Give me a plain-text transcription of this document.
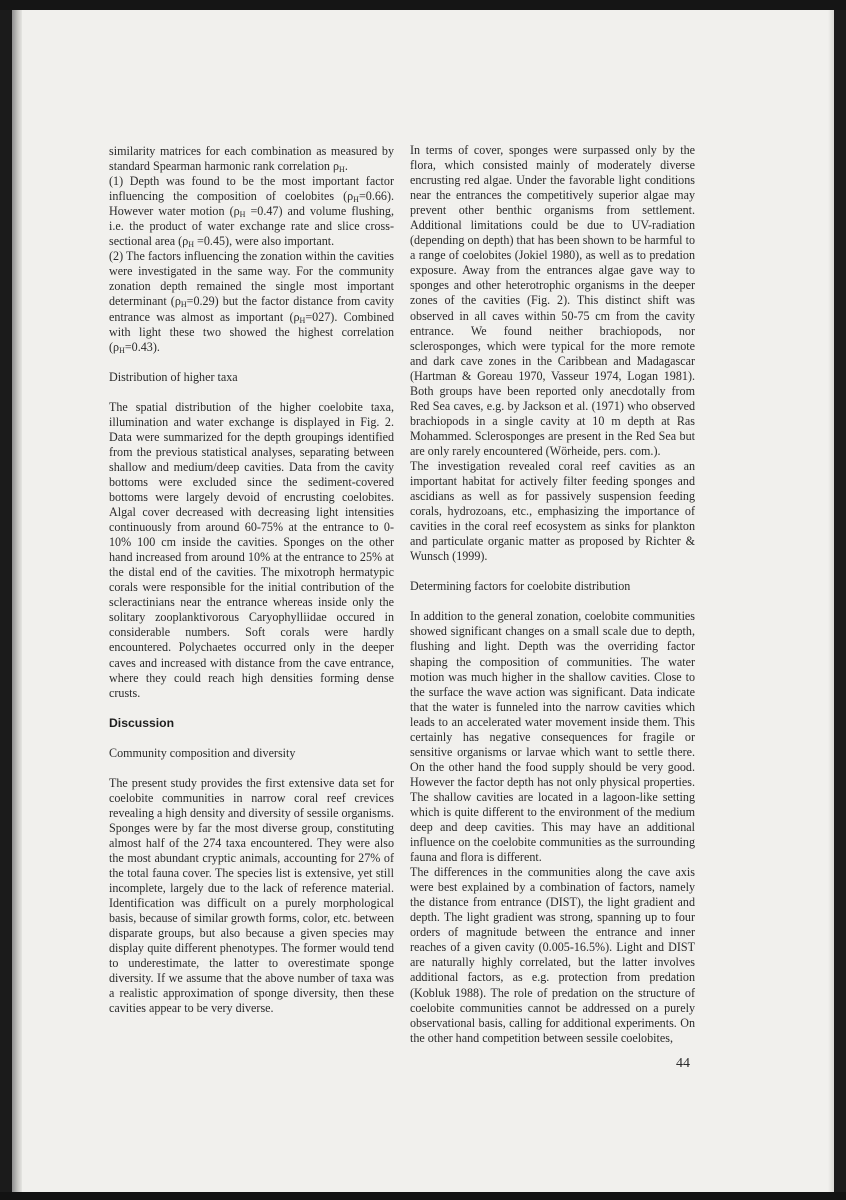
similarity matrices for each combination as measured by standard Spearman harmonic rank correlation $\rho_H$.

(1) Depth was found to be the most important factor influencing the composition of coelobites $(\rho_H=0.66)$. However water motion $(\rho_H =0.47)$ and volume flushing, i.e. the product of water exchange rate and slice cross-sectional area $(\rho_H =0.45)$, were also important.

(2) The factors influencing the zonation within the cavities were investigated in the same way. For the community zonation depth remained the single most important determinant $(\rho_H=0.29)$ but the factor distance from cavity entrance was almost as important $(\rho_H=027)$. Combined with light these two showed the highest correlation $(\rho_H=0.43)$.

Distribution of higher taxa

The spatial distribution of the higher coelobite taxa, illumination and water exchange is displayed in Fig. 2. Data were summarized for the depth groupings identified from the previous statistical analyses, separating between shallow and medium/deep cavities. Data from the cavity bottoms were excluded since the sediment-covered bottoms were largely devoid of encrusting coelobites. Algal cover decreased with decreasing light intensities continuously from around 60-75% at the entrance to 0-10% 100 cm inside the cavities. Sponges on the other hand increased from around 10% at the entrance to 25% at the distal end of the cavities. The mixotroph hermatypic corals were responsible for the initial contribution of the scleractinians near the entrance whereas inside only the solitary zooplanktivorous Caryophylliidae occured in considerable numbers. Soft corals were hardly encountered. Polychaetes occurred only in the deeper caves and increased with distance from the cave entrance, where they could reach high densities forming dense crusts.

Discussion

Community composition and diversity

The present study provides the first extensive data set for coelobite communities in narrow coral reef crevices revealing a high density and diversity of sessile organisms. Sponges were by far the most diverse group, constituting almost half of the 274 taxa encountered. They were also the most abundant cryptic animals, accounting for 27% of the total fauna cover. The species list is extensive, yet still incomplete, largely due to the lack of reference material. Identification was difficult on a purely morphological basis, because of similar growth forms, color, etc. between disparate groups, but also because a given species may display quite different phenotypes. The former would tend to underestimate, the latter to overestimate sponge diversity. If we assume that the above number of taxa was a realistic approximation of sponge diversity, then these cavities appear to be very diverse.

In terms of cover, sponges were surpassed only by the flora, which consisted mainly of moderately diverse encrusting red algae. Under the favorable light conditions near the entrances the competitively superior algae may prevent other benthic organisms from settlement. Additional limitations could be due to UV-radiation (depending on depth) that has been shown to be harmful to a range of coelobites (Jokiel 1980), as well as to predation exposure. Away from the entrances algae gave way to sponges and other heterotrophic organisms in the deeper zones of the cavities (Fig. 2). This distinct shift was observed in all caves within 50-75 cm from the cavity entrance. We found neither brachiopods, nor sclerosponges, which were typical for the more remote and dark cave zones in the Caribbean and Madagascar (Hartman & Goreau 1970, Vasseur 1974, Logan 1981). Both groups have been reported only anecdotally from Red Sea caves, e.g. by Jackson et al. (1971) who observed brachiopods in a single cavity at 10 m depth at Ras Mohammed. Sclerosponges are present in the Red Sea but are only rarely encountered (Wörheide, pers. com.).

The investigation revealed coral reef cavities as an important habitat for actively filter feeding sponges and ascidians as well as for passively suspension feeding corals, hydrozoans, etc., emphasizing the importance of cavities in the coral reef ecosystem as sinks for plankton and particulate organic matter as proposed by Richter & Wunsch (1999).

Determining factors for coelobite distribution

In addition to the general zonation, coelobite communities showed significant changes on a small scale due to depth, flushing and light. Depth was the overriding factor shaping the composition of communities. The water motion was much higher in the shallow cavities. Close to the surface the wave action was significant. Data indicate that the water is funneled into the narrow cavities which leads to an accelerated water movement inside them. This certainly has negative consequences for fragile or sensitive organisms or larvae which want to settle there. On the other hand the food supply should be very good. However the factor depth has not only physical properties. The shallow cavities are located in a lagoon-like setting which is quite different to the environment of the medium deep and deep cavities. This may have an additional influence on the coelobite communities as the surrounding fauna and flora is different.

The differences in the communities along the cave axis were best explained by a combination of factors, namely the distance from entrance (DIST), the light gradient and depth. The light gradient was strong, spanning up to four orders of magnitude between the entrance and inner reaches of a given cavity (0.005-16.5%). Light and DIST are naturally highly correlated, but the latter involves additional factors, as e.g. protection from predation (Kobluk 1988). The role of predation on the structure of coelobite communities cannot be addressed on a purely observational basis, calling for additional experiments. On the other hand competition between sessile coelobites,

44
